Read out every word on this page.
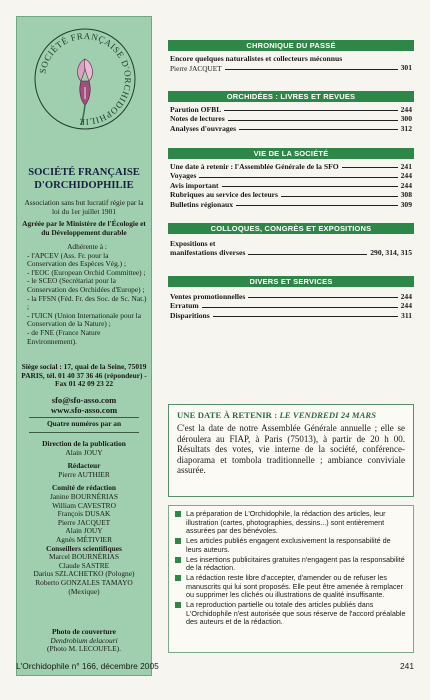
SOCIÉTÉ FRANÇAISE D'ORCHIDOPHILIE
SOCIÉTÉ FRANÇAISE D'ORCHIDOPHILIE
Association sans but lucratif régie par la loi du 1er juillet 1901
Agréée par le Ministère de l'Écologie et du Développement durable
Adhérente à :
- l'APCEV (Ass. Fr. pour la Conservation des Espèces Vég.) ;
- l'EOC (European Orchid Committee) ;
- le SCEO (Secrétariat pour la Conservation des Orchidées d'Europe) ;
- la FFSN (Féd. Fr. des Soc. de Sc. Nat.) ;
- l'UICN (Union Internationale pour la Conservation de la Nature) ;
- de FNE (France Nature Environnement).
Siège social : 17, quai de la Seine, 75019 PARIS, tél. 01 40 37 36 46 (répondeur) - Fax 01 42 09 23 22
sfo@sfo-asso.com
www.sfo-asso.com
Quatre numéros par an
Direction de la publication
Alain JOUY
Rédacteur
Pierre AUTHIER
Comité de rédaction
Janine BOURNÉRIAS
William CAVESTRO
François DUSAK
Pierre JACQUET
Alain JOUY
Agnès MÉTIVIER
Conseillers scientifiques
Marcel BOURNÉRIAS
Claude SASTRE
Darius SZLACHETKO (Pologne)
Roberto GONZALES TAMAYO (Mexique)
Photo de couverture
Dendrobium delacouri
(Photo M. LECOUFLE).
CHRONIQUE DU PASSÉ
Encore quelques naturalistes et collecteurs méconnus
Pierre JACQUET	301
ORCHIDÉES : LIVRES ET REVUES
Parution OFBL	244
Notes de lectures	300
Analyses d'ouvrages	312
VIE DE LA SOCIÉTÉ
Une date à retenir : l'Assemblée Générale de la SFO	241
Voyages	244
Avis important	244
Rubriques au service des lecteurs	308
Bulletins régionaux	309
COLLOQUES, CONGRÈS ET EXPOSITIONS
Expositions et
manifestations diverses	290, 314, 315
DIVERS ET SERVICES
Ventes promotionnelles	244
Erratum	244
Disparitions	311
UNE DATE À RETENIR : LE VENDREDI 24 MARS
C'est la date de notre Assemblée Générale annuelle ; elle se déroulera au FIAP, à Paris (75013), à partir de 20 h 00. Résultats des votes, vie interne de la société, conférence-diaporama et tombola traditionnelle ; ambiance conviviale assurée.
La préparation de L'Orchidophile, la rédaction des articles, leur illustration (cartes, photographies, dessins...) sont entièrement assurées par des bénévoles.
Les articles publiés engagent exclusivement la responsabilité de leurs auteurs.
Les insertions publicitaires gratuites n'engagent pas la responsabilité de la rédaction.
La rédaction reste libre d'accepter, d'amender ou de refuser les manuscrits qui lui sont proposés. Elle peut être amenée à remplacer ou supprimer les clichés ou illustrations de qualité insuffisante.
La reproduction partielle ou totale des articles publiés dans L'Orchidophile n'est autorisée que sous réserve de l'accord préalable des auteurs et de la rédaction.
L'Orchidophile n° 166, décembre 2005	241
